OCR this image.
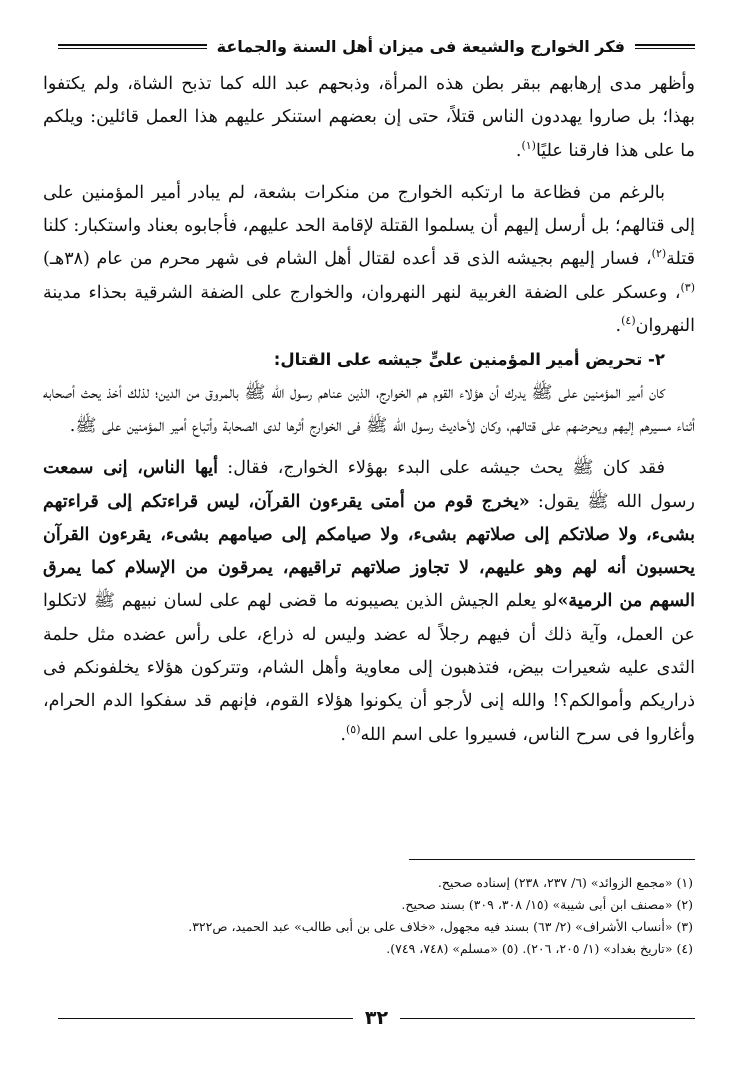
فكر الخوارج والشيعة فى ميزان أهل السنة والجماعة

وأظهر مدى إرهابهم ببقر بطن هذه المرأة، وذبحهم عبد الله كما تذبح الشاة، ولم يكتفوا بهذا؛ بل صاروا يهددون الناس قتلاً، حتى إن بعضهم استنكر عليهم هذا العمل قائلين: ويلكم ما على هذا فارقنا عليًا$^{(١)}$.

بالرغم من فظاعة ما ارتكبه الخوارج من منكرات بشعة، لم يبادر أمير المؤمنين على إلى قتالهم؛ بل أرسل إليهم أن يسلموا القتلة لإقامة الحد عليهم، فأجابوه بعناد واستكبار: كلنا قتلة$^{(٢)}$، فسار إليهم بجيشه الذى قد أعده لقتال أهل الشام فى شهر محرم من عام (٣٨هـ)$^{(٣)}$، وعسكر على الضفة الغربية لنهر النهروان، والخوارج على الضفة الشرقية بحذاء مدينة النهروان$^{(٤)}$.

٢- تحريض أمير المؤمنين علىٍّ جيشه على القتال:

كان أمير المؤمنين على ﷺ يدرك أن هؤلاء القوم هم الخوارج، الذين عناهم رسول الله ﷺ بالمروق من الدين؛ لذلك أخذ يحث أصحابه أثناء مسيرهم إليهم ويحرضهم على قتالهم، وكان لأحاديث رسول الله ﷺ فى الخوارج أثرها لدى الصحابة وأتباع أمير المؤمنين على ﷺ.

فقد كان ﷺ يحث جيشه على البدء بهؤلاء الخوارج، فقال: أيها الناس، إنى سمعت رسول الله ﷺ يقول: «يخرج قوم من أمتى يقرءون القرآن، ليس قراءتكم إلى قراءتهم بشىء، ولا صلاتكم إلى صلاتهم بشىء، ولا صيامكم إلى صيامهم بشىء، يقرءون القرآن يحسبون أنه لهم وهو عليهم، لا تجاوز صلاتهم تراقيهم، يمرقون من الإسلام كما يمرق السهم من الرمية»لو يعلم الجيش الذين يصيبونه ما قضى لهم على لسان نبيهم ﷺ لاتكلوا عن العمل، وآية ذلك أن فيهم رجلاً له عضد وليس له ذراع، على رأس عضده مثل حلمة الثدى عليه شعيرات بيض، فتذهبون إلى معاوية وأهل الشام، وتتركون هؤلاء يخلفونكم فى ذراريكم وأموالكم؟! والله إنى لأرجو أن يكونوا هؤلاء القوم، فإنهم قد سفكوا الدم الحرام، وأغاروا فى سرح الناس، فسيروا على اسم الله$^{(٥)}$.

(١) «مجمع الزوائد» (٦/ ٢٣٧، ٢٣٨) إسناده صحيح.
(٢) «مصنف ابن أبى شيبة» (١٥/ ٣٠٨، ٣٠٩) بسند صحيح.
(٣) «أنساب الأشراف» (٢/ ٦٣) بسند فيه مجهول، «خلاف على بن أبى طالب» عبد الحميد، ص٣٢٢.
(٤) «تاريخ بغداد» (١/ ٢٠٥، ٢٠٦). (٥) «مسلم» (٧٤٨، ٧٤٩).
٣٢
